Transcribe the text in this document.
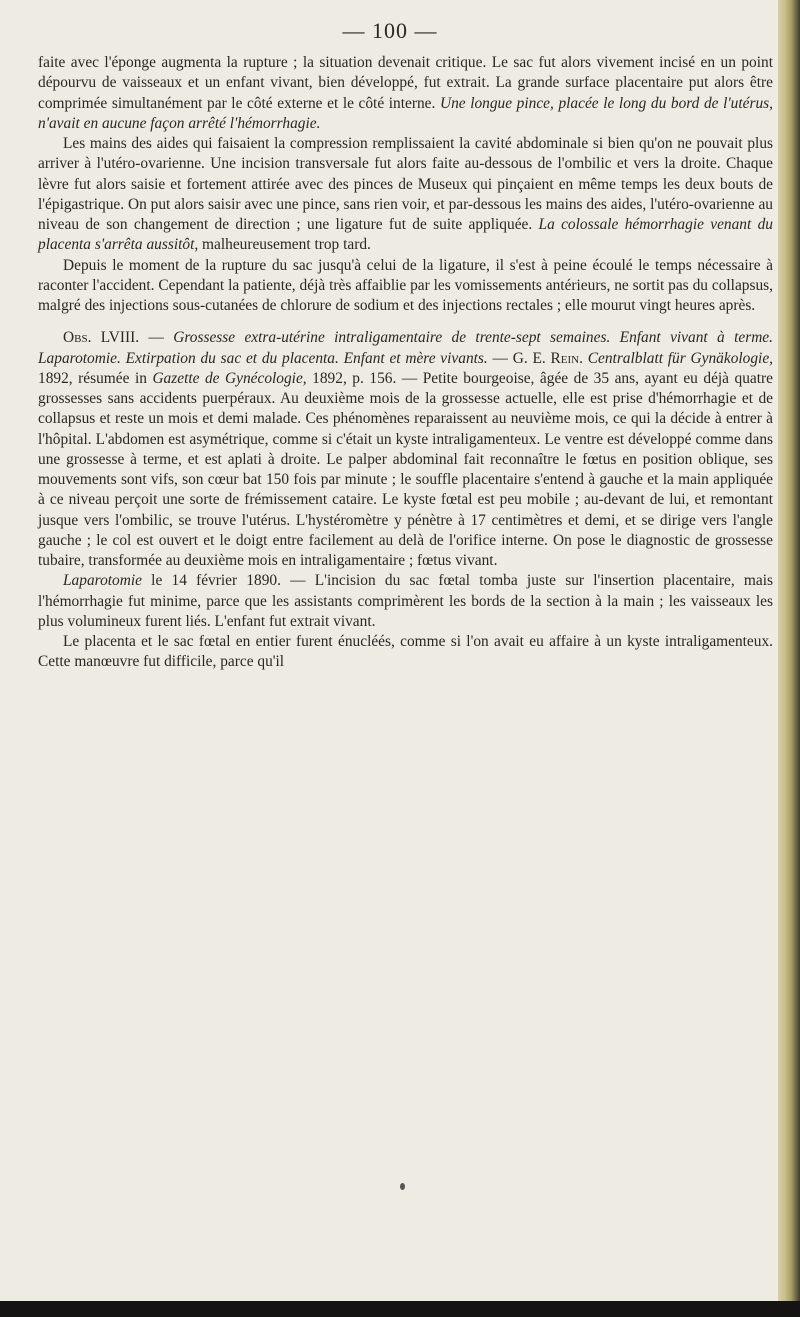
— 100 —

faite avec l'éponge augmenta la rupture ; la situation devenait critique. Le sac fut alors vivement incisé en un point dépourvu de vaisseaux et un enfant vivant, bien développé, fut extrait. La grande surface placentaire put alors être comprimée simultanément par le côté externe et le côté interne. Une longue pince, placée le long du bord de l'utérus, n'avait en aucune façon arrêté l'hémorrhagie.

Les mains des aides qui faisaient la compression remplissaient la cavité abdominale si bien qu'on ne pouvait plus arriver à l'utéro-ovarienne. Une incision transversale fut alors faite au-dessous de l'ombilic et vers la droite. Chaque lèvre fut alors saisie et fortement attirée avec des pinces de Museux qui pinçaient en même temps les deux bouts de l'épigastrique. On put alors saisir avec une pince, sans rien voir, et par-dessous les mains des aides, l'utéro-ovarienne au niveau de son changement de direction ; une ligature fut de suite appliquée. La colossale hémorrhagie venant du placenta s'arrêta aussitôt, malheureusement trop tard.

Depuis le moment de la rupture du sac jusqu'à celui de la ligature, il s'est à peine écoulé le temps nécessaire à raconter l'accident. Cependant la patiente, déjà très affaiblie par les vomissements antérieurs, ne sortit pas du collapsus, malgré des injections sous-cutanées de chlorure de sodium et des injections rectales ; elle mourut vingt heures après.

Obs. LVIII. — Grossesse extra-utérine intraligamentaire de trente-sept semaines. Enfant vivant à terme. Laparotomie. Extirpation du sac et du placenta. Enfant et mère vivants. — G. E. Rein. Centralblatt für Gynäkologie, 1892, résumée in Gazette de Gynécologie, 1892, p. 156. — Petite bourgeoise, âgée de 35 ans, ayant eu déjà quatre grossesses sans accidents puerpéraux. Au deuxième mois de la grossesse actuelle, elle est prise d'hémorrhagie et de collapsus et reste un mois et demi malade. Ces phénomènes reparaissent au neuvième mois, ce qui la décide à entrer à l'hôpital. L'abdomen est asymétrique, comme si c'était un kyste intraligamenteux. Le ventre est développé comme dans une grossesse à terme, et est aplati à droite. Le palper abdominal fait reconnaître le fœtus en position oblique, ses mouvements sont vifs, son cœur bat 150 fois par minute ; le souffle placentaire s'entend à gauche et la main appliquée à ce niveau perçoit une sorte de frémissement cataire. Le kyste fœtal est peu mobile ; au-devant de lui, et remontant jusque vers l'ombilic, se trouve l'utérus. L'hystéromètre y pénètre à 17 centimètres et demi, et se dirige vers l'angle gauche ; le col est ouvert et le doigt entre facilement au delà de l'orifice interne. On pose le diagnostic de grossesse tubaire, transformée au deuxième mois en intraligamentaire ; fœtus vivant.

Laparotomie le 14 février 1890. — L'incision du sac fœtal tomba juste sur l'insertion placentaire, mais l'hémorrhagie fut minime, parce que les assistants comprimèrent les bords de la section à la main ; les vaisseaux les plus volumineux furent liés. L'enfant fut extrait vivant.

Le placenta et le sac fœtal en entier furent énucléés, comme si l'on avait eu affaire à un kyste intraligamenteux. Cette manœuvre fut difficile, parce qu'il
